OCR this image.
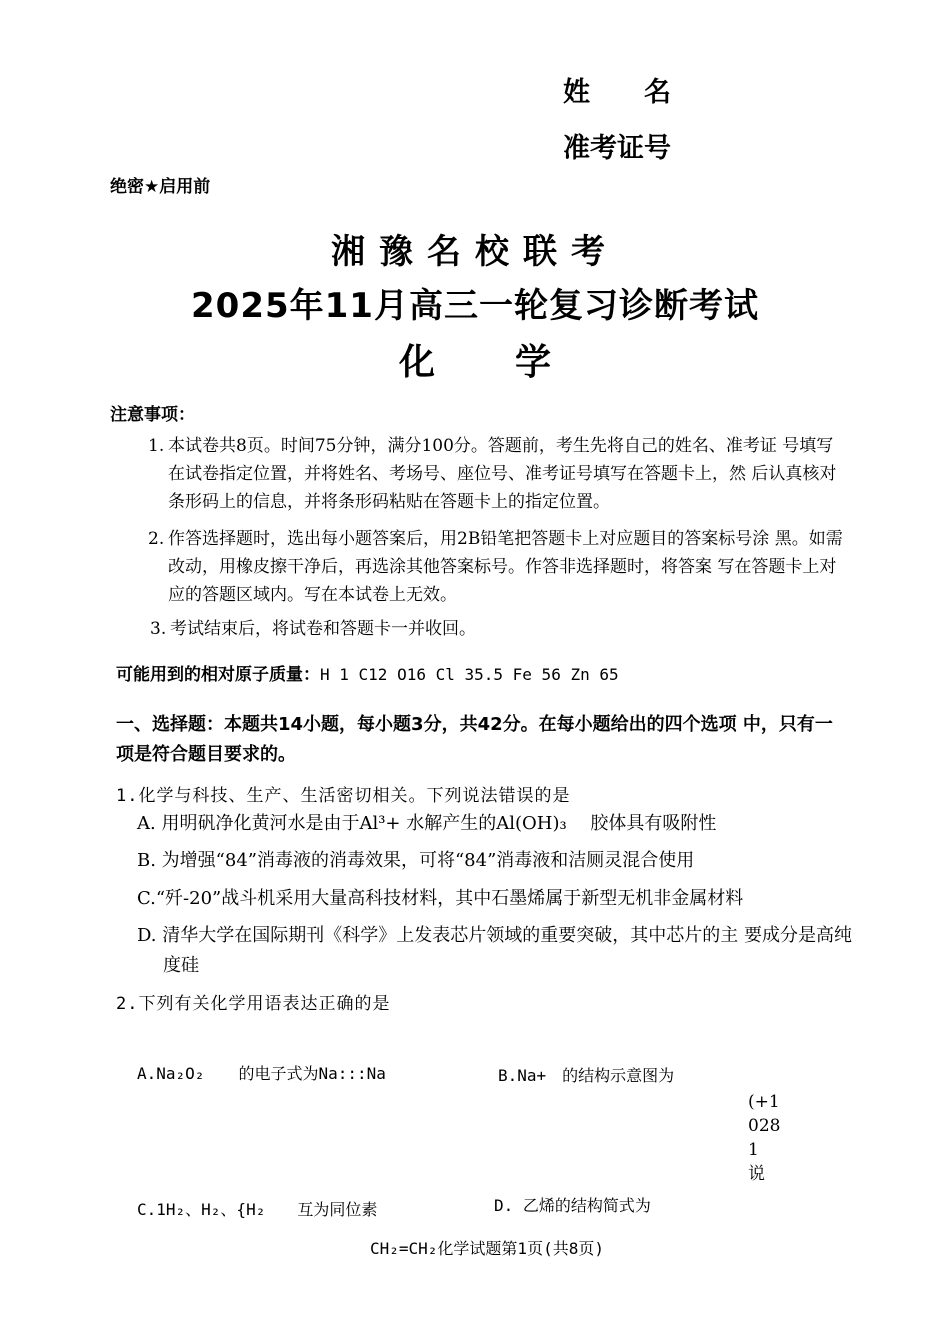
姓　　名
准考证号
绝密★启用前
湘豫名校联考
2025年11月高三一轮复习诊断考试
化 学
注意事项：
1. 本试卷共8页。时间75分钟，满分100分。答题前，考生先将自己的姓名、准考证 号填写在试卷指定位置，并将姓名、考场号、座位号、准考证号填写在答题卡上，然 后认真核对条形码上的信息，并将条形码粘贴在答题卡上的指定位置。
2. 作答选择题时，选出每小题答案后，用2B铅笔把答题卡上对应题目的答案标号涂 黑。如需改动，用橡皮擦干净后，再选涂其他答案标号。作答非选择题时，将答案 写在答题卡上对应的答题区域内。写在本试卷上无效。
3. 考试结束后，将试卷和答题卡一并收回。
可能用到的相对原子质量：H 1 C12 O16 Cl 35.5 Fe 56 Zn 65
一、选择题：本题共14小题，每小题3分，共42分。在每小题给出的四个选项 中，只有一项是符合题目要求的。
1.化学与科技、生产、生活密切相关。下列说法错误的是
A. 用明矾净化黄河水是由于Al³+ 水解产生的Al(OH)₃　 胶体具有吸附性
B. 为增强“84”消毒液的消毒效果，可将“84”消毒液和洁厕灵混合使用
C.“歼-20”战斗机采用大量高科技材料，其中石墨烯属于新型无机非金属材料
D. 清华大学在国际期刊《科学》上发表芯片领域的重要突破，其中芯片的主 要成分是高纯度硅
2.下列有关化学用语表达正确的是
A.Na₂O₂ 的电子式为Na:::Na	B.Na+　的结构示意图为
(+1
028
1
说
C.1H₂、H₂、{H₂　　互为同位素	D. 乙烯的结构简式为
CH₂=CH₂化学试题第1页(共8页)
